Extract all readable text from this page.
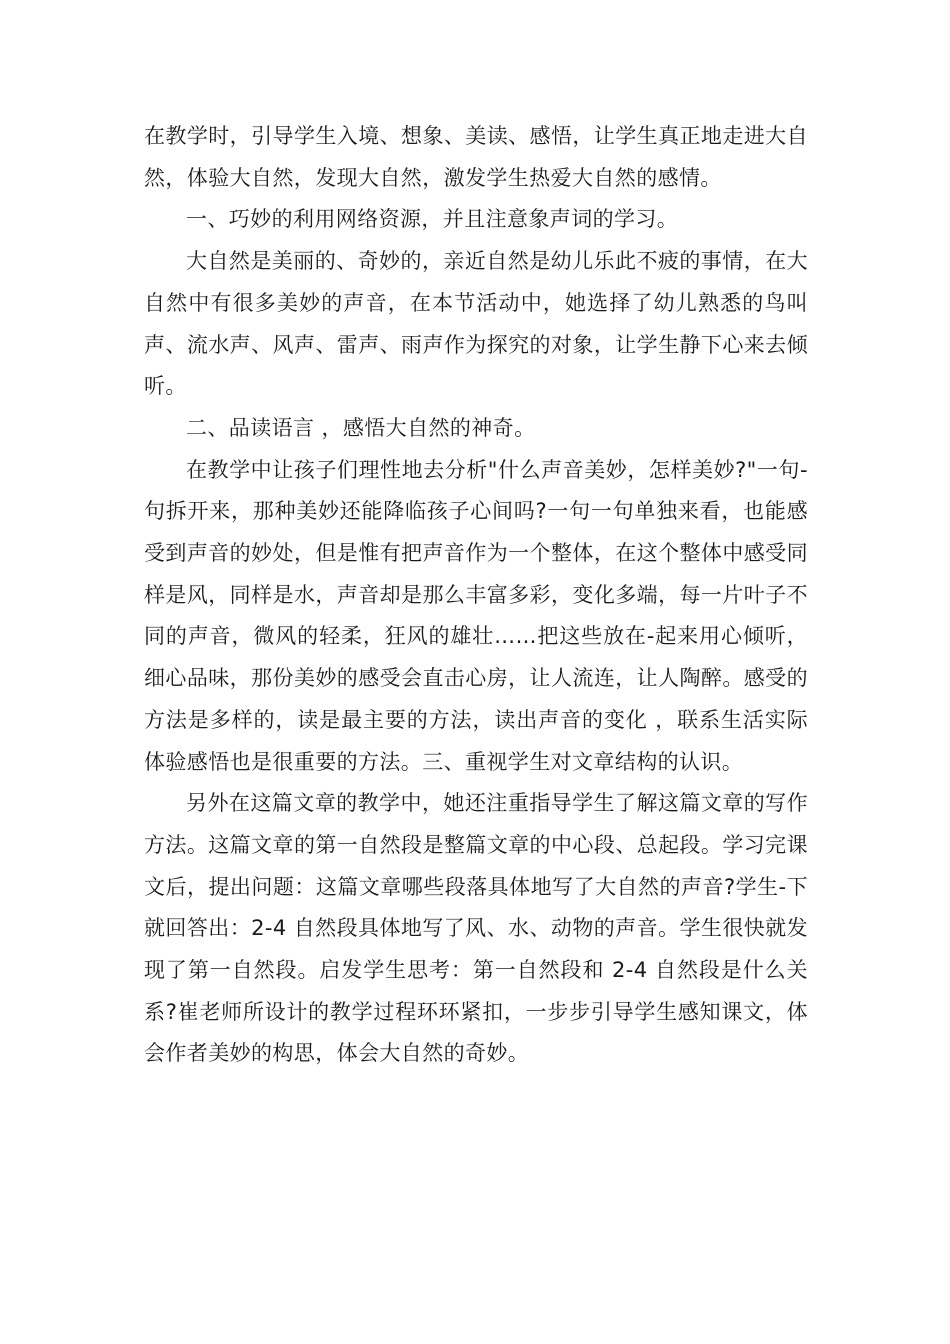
在教学时，引导学生入境、想象、美读、感悟，让学生真正地走进大自然，体验大自然，发现大自然，激发学生热爱大自然的感情。

一、巧妙的利用网络资源，并且注意象声词的学习。

大自然是美丽的、奇妙的，亲近自然是幼儿乐此不疲的事情，在大自然中有很多美妙的声音，在本节活动中，她选择了幼儿熟悉的鸟叫声、流水声、风声、雷声、雨声作为探究的对象，让学生静下心来去倾听。

二、品读语言 ，感悟大自然的神奇。

在教学中让孩子们理性地去分析"什么声音美妙，怎样美妙?"一句-句拆开来，那种美妙还能降临孩子心间吗?一句一句单独来看，也能感受到声音的妙处，但是惟有把声音作为一个整体，在这个整体中感受同样是风，同样是水，声音却是那么丰富多彩，变化多端，每一片叶子不同的声音，微风的轻柔，狂风的雄壮……把这些放在-起来用心倾听，细心品味，那份美妙的感受会直击心房，让人流连，让人陶醉。感受的方法是多样的，读是最主要的方法，读出声音的变化 ，联系生活实际体验感悟也是很重要的方法。三、重视学生对文章结构的认识。

另外在这篇文章的教学中，她还注重指导学生了解这篇文章的写作方法。这篇文章的第一自然段是整篇文章的中心段、总起段。学习完课文后，提出问题：这篇文章哪些段落具体地写了大自然的声音?学生-下就回答出：2-4 自然段具体地写了风、水、动物的声音。学生很快就发现了第一自然段。启发学生思考：第一自然段和 2-4 自然段是什么关系?崔老师所设计的教学过程环环紧扣，一步步引导学生感知课文，体会作者美妙的构思，体会大自然的奇妙。
